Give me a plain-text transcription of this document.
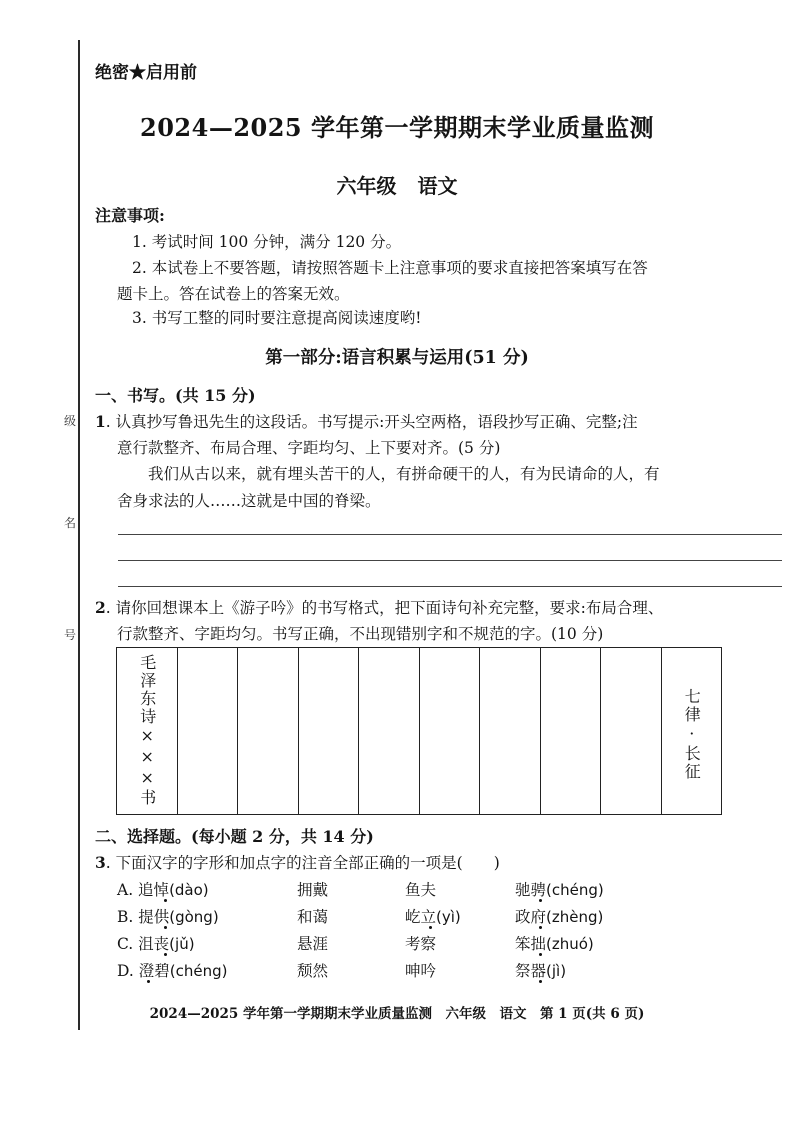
级
名
号
绝密★启用前
2024—2025 学年第一学期期末学业质量监测
六年级 语文
注意事项:
1. 考试时间 100 分钟，满分 120 分。
2. 本试卷上不要答题，请按照答题卡上注意事项的要求直接把答案填写在答
题卡上。答在试卷上的答案无效。
3. 书写工整的同时要注意提高阅读速度哟!
第一部分:语言积累与运用(51 分)
一、书写。(共 15 分)
1. 认真抄写鲁迅先生的这段话。书写提示:开头空两格，语段抄写正确、完整;注
意行款整齐、布局合理、字距均匀、上下要对齐。(5 分)
我们从古以来，就有埋头苦干的人，有拼命硬干的人，有为民请命的人，有
舍身求法的人……这就是中国的脊梁。
2. 请你回想课本上《游子吟》的书写格式，把下面诗句补充完整，要求:布局合理、
行款整齐、字距均匀。书写正确，不出现错别字和不规范的字。(10 分)
毛泽东诗×××书									七律·长征
二、选择题。(每小题 2 分，共 14 分)
3. 下面汉字的字形和加点字的注音全部正确的一项是(　　)
A. 追悼(dào)	拥戴	鱼夫	驰骋(chéng)
B. 提供(gòng)	和蔼	屹立(yì)	政府(zhèng)
C. 沮丧(jǔ)	悬涯	考察	笨拙(zhuó)
D. 澄碧(chéng)	颓然	呻吟	祭器(jì)
2024—2025 学年第一学期期末学业质量监测　六年级　语文　第 1 页(共 6 页)
